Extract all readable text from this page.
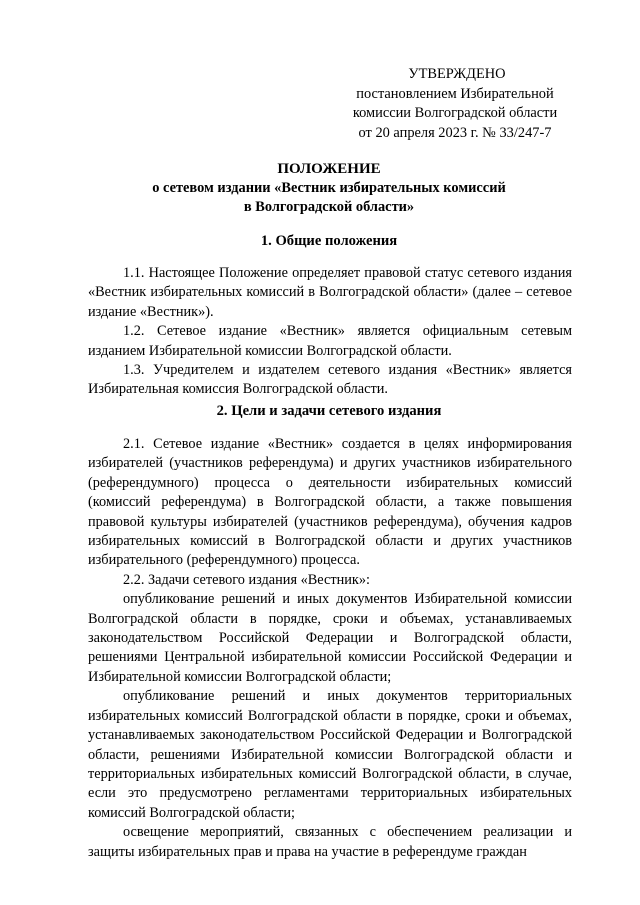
УТВЕРЖДЕНО
постановлением Избирательной
комиссии Волгоградской области
от 20 апреля 2023 г. № 33/247-7
ПОЛОЖЕНИЕ
о сетевом издании «Вестник избирательных комиссий
в Волгоградской области»
1. Общие положения

1.1. Настоящее Положение определяет правовой статус сетевого издания «Вестник избирательных комиссий в Волгоградской области» (далее – сетевое издание «Вестник»).

1.2. Сетевое издание «Вестник» является официальным сетевым изданием Избирательной комиссии Волгоградской области.

1.3. Учредителем и издателем сетевого издания «Вестник» является Избирательная комиссия Волгоградской области.

2. Цели и задачи сетевого издания

2.1. Сетевое издание «Вестник» создается в целях информирования избирателей (участников референдума) и других участников избирательного (референдумного) процесса о деятельности избирательных комиссий (комиссий референдума) в Волгоградской области, а также повышения правовой культуры избирателей (участников референдума), обучения кадров избирательных комиссий в Волгоградской области и других участников избирательного (референдумного) процесса.

2.2. Задачи сетевого издания «Вестник»:

опубликование решений и иных документов Избирательной комиссии Волгоградской области в порядке, сроки и объемах, устанавливаемых законодательством Российской Федерации и Волгоградской области, решениями Центральной избирательной комиссии Российской Федерации и Избирательной комиссии Волгоградской области;

опубликование решений и иных документов территориальных избирательных комиссий Волгоградской области в порядке, сроки и объемах, устанавливаемых законодательством Российской Федерации и Волгоградской области, решениями Избирательной комиссии Волгоградской области и территориальных избирательных комиссий Волгоградской области, в случае, если это предусмотрено регламентами территориальных избирательных комиссий Волгоградской области;

освещение мероприятий, связанных с обеспечением реализации и защиты избирательных прав и права на участие в референдуме граждан
